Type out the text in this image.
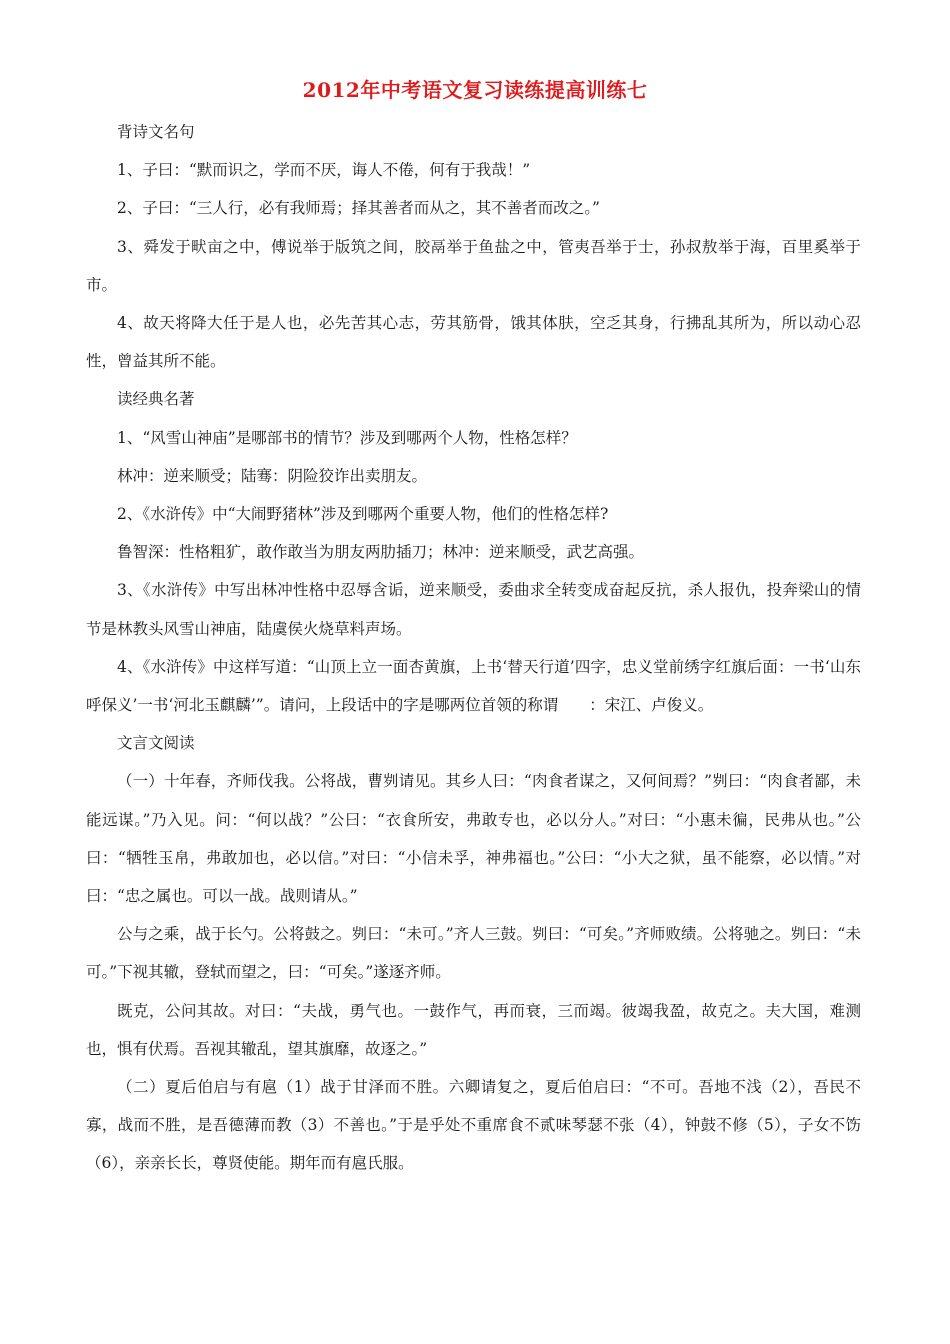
2012年中考语文复习读练提高训练七

背诗文名句

1、子曰：“默而识之，学而不厌，诲人不倦，何有于我哉！”

2、子曰：“三人行，必有我师焉；择其善者而从之，其不善者而改之。”

3、舜发于畎亩之中，傅说举于版筑之间，胶鬲举于鱼盐之中，管夷吾举于士，孙叔敖举于海，百里奚举于市。

4、故天将降大任于是人也，必先苦其心志，劳其筋骨，饿其体肤，空乏其身，行拂乱其所为，所以动心忍性，曾益其所不能。

读经典名著

1、“风雪山神庙”是哪部书的情节？涉及到哪两个人物，性格怎样？

林冲：逆来顺受；陆骞：阴险狡诈出卖朋友。

2、《水浒传》中“大闹野猪林”涉及到哪两个重要人物，他们的性格怎样?

鲁智深：性格粗犷，敢作敢当为朋友两肋插刀；林冲：逆来顺受，武艺高强。

3、《水浒传》中写出林冲性格中忍辱含诟，逆来顺受，委曲求全转变成奋起反抗，杀人报仇，投奔梁山的情节是林教头风雪山神庙，陆虞侯火烧草料声场。

4、《水浒传》中这样写道：“山顶上立一面杏黄旗，上书‘替天行道’四字，忠义堂前绣字红旗后面：一书‘山东呼保义’一书‘河北玉麒麟’”。请问，上段话中的字是哪两位首领的称谓 ：宋江、卢俊义。

文言文阅读

（一）十年春，齐师伐我。公将战，曹刿请见。其乡人曰：“肉食者谋之，又何间焉？”刿曰：“肉食者鄙，未能远谋。”乃入见。问：“何以战？”公曰：“衣食所安，弗敢专也，必以分人。”对曰：“小惠未徧，民弗从也。”公曰：“牺牲玉帛，弗敢加也，必以信。”对曰：“小信未孚，神弗福也。”公曰：“小大之狱，虽不能察，必以情。”对曰：“忠之属也。可以一战。战则请从。”

公与之乘，战于长勺。公将鼓之。刿曰：“未可。”齐人三鼓。刿曰：“可矣。”齐师败绩。公将驰之。刿曰：“未可。”下视其辙，登轼而望之，曰：“可矣。”遂逐齐师。

既克，公问其故。对曰：“夫战，勇气也。一鼓作气，再而衰，三而竭。彼竭我盈，故克之。夫大国，难测也，惧有伏焉。吾视其辙乱，望其旗靡，故逐之。”

（二）夏后伯启与有扈（1）战于甘泽而不胜。六卿请复之，夏后伯启曰：“不可。吾地不浅（2），吾民不寡，战而不胜，是吾德薄而教（3）不善也。”于是乎处不重席食不贰味琴瑟不张（4），钟鼓不修（5），子女不饬（6），亲亲长长，尊贤使能。期年而有扈氏服。
